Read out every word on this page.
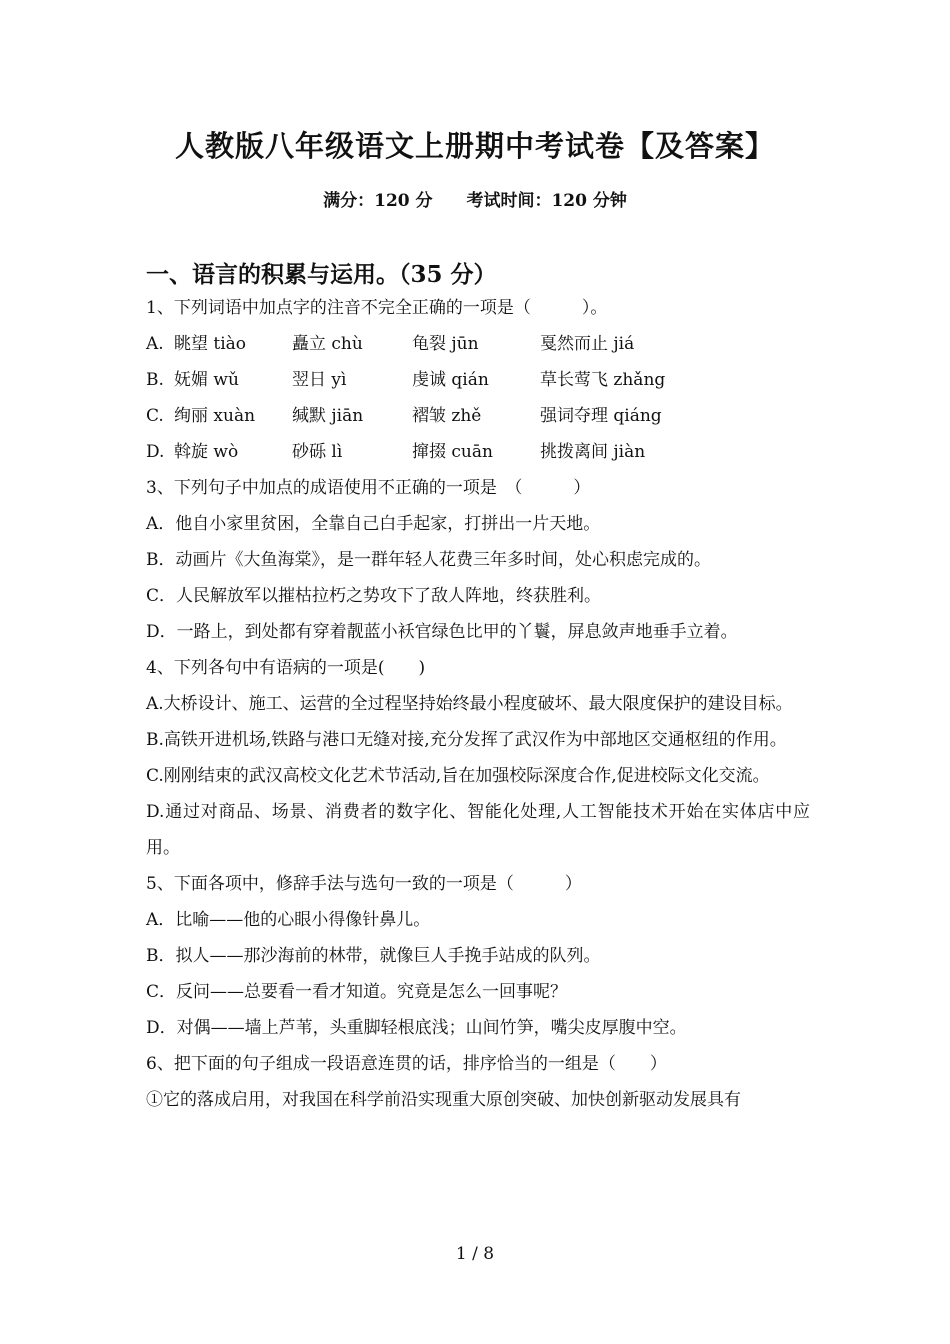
人教版八年级语文上册期中考试卷【及答案】
满分：120 分 考试时间：120 分钟
一、语言的积累与运用。（35 分）
1、下列词语中加点字的注音不完全正确的一项是（　　　）。
A. 眺望 tiào	矗立 chù	龟裂 jūn	戛然而止 jiá
B. 妩媚 wǔ	翌日 yì	虔诚 qián	草长莺飞 zhǎng
C. 绚丽 xuàn	缄默 jiān	褶皱 zhě	强词夺理 qiáng
D. 斡旋 wò	砂砾 lì	撺掇 cuān	挑拨离间 jiàn
3、下列句子中加点的成语使用不正确的一项是　（　　　）
A．他自小家里贫困，全靠自己白手起家，打拼出一片天地。
B．动画片《大鱼海棠》，是一群年轻人花费三年多时间，处心积虑完成的。
C．人民解放军以摧枯拉朽之势攻下了敌人阵地，终获胜利。
D．一路上，到处都有穿着靓蓝小袄官绿色比甲的丫鬟，屏息敛声地垂手立着。
4、下列各句中有语病的一项是(　　)
A.大桥设计、施工、运营的全过程坚持始终最小程度破坏、最大限度保护的建设目标。
B.高铁开进机场,铁路与港口无缝对接,充分发挥了武汉作为中部地区交通枢纽的作用。
C.刚刚结束的武汉高校文化艺术节活动,旨在加强校际深度合作,促进校际文化交流。
D.通过对商品、场景、消费者的数字化、智能化处理,人工智能技术开始在实体店中应用。
5、下面各项中，修辞手法与选句一致的一项是（　　　）
A．比喻——他的心眼小得像针鼻儿。
B．拟人——那沙海前的林带，就像巨人手挽手站成的队列。
C．反问——总要看一看才知道。究竟是怎么一回事呢？
D．对偶——墙上芦苇，头重脚轻根底浅；山间竹笋，嘴尖皮厚腹中空。
6、把下面的句子组成一段语意连贯的话，排序恰当的一组是（　　）
①它的落成启用，对我国在科学前沿实现重大原创突破、加快创新驱动发展具有
1 / 8
